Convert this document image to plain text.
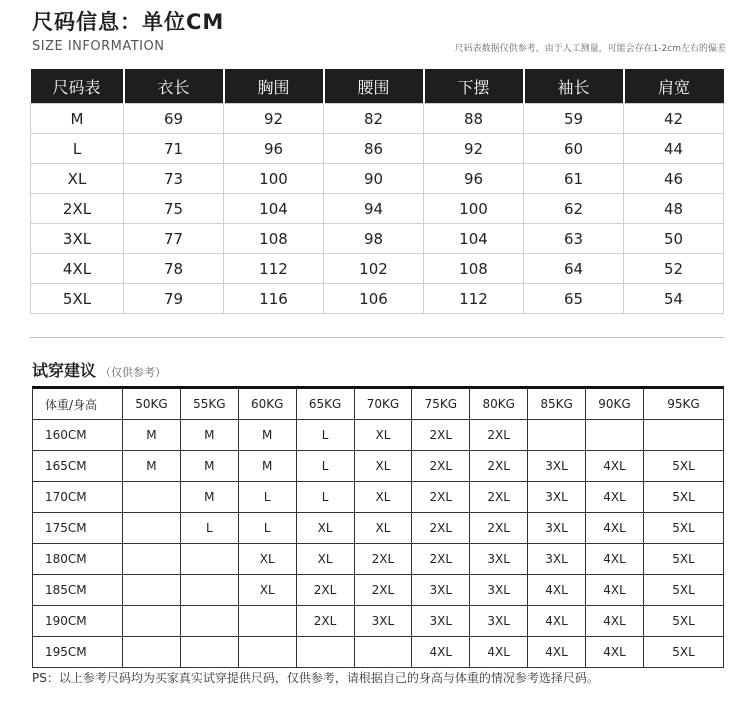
尺码信息：单位CM
SIZE INFORMATION	尺码表数据仅供参考，由于人工测量，可能会存在1-2cm左右的偏差
尺码表	衣长	胸围	腰围	下摆	袖长	肩宽
M	69	92	82	88	59	42
L	71	96	86	92	60	44
XL	73	100	90	96	61	46
2XL	75	104	94	100	62	48
3XL	77	108	98	104	63	50
4XL	78	112	102	108	64	52
5XL	79	116	106	112	65	54
试穿建议 （仅供参考）
体重/身高	50KG	55KG	60KG	65KG	70KG	75KG	80KG	85KG	90KG	95KG
160CM	M	M	M	L	XL	2XL	2XL			
165CM	M	M	M	L	XL	2XL	2XL	3XL	4XL	5XL
170CM		M	L	L	XL	2XL	2XL	3XL	4XL	5XL
175CM		L	L	XL	XL	2XL	2XL	3XL	4XL	5XL
180CM			XL	XL	2XL	2XL	3XL	3XL	4XL	5XL
185CM			XL	2XL	2XL	3XL	3XL	4XL	4XL	5XL
190CM				2XL	3XL	3XL	3XL	4XL	4XL	5XL
195CM						4XL	4XL	4XL	4XL	5XL
PS：以上参考尺码均为买家真实试穿提供尺码，仅供参考，请根据自己的身高与体重的情况参考选择尺码。
